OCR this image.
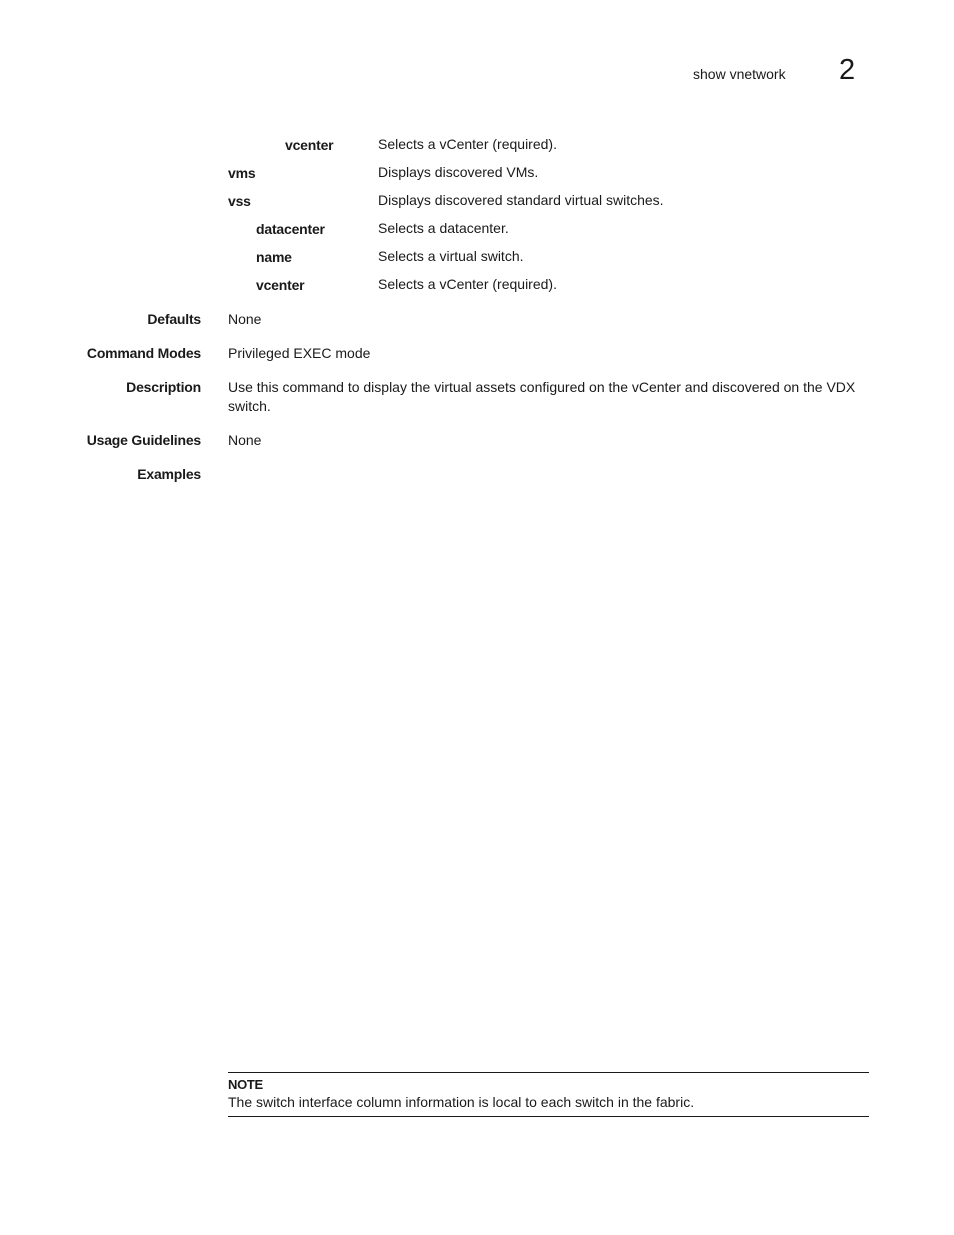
show vnetwork 2
vcenter	Selects a vCenter (required).
vms	Displays discovered VMs.
vss	Displays discovered standard virtual switches.
datacenter	Selects a datacenter.
name	Selects a virtual switch.
vcenter	Selects a vCenter (required).
Defaults None
Command Modes Privileged EXEC mode
Description Use this command to display the virtual assets configured on the vCenter and discovered on the VDX switch.
Usage Guidelines None
Examples
NOTE
The switch interface column information is local to each switch in the fabric.
